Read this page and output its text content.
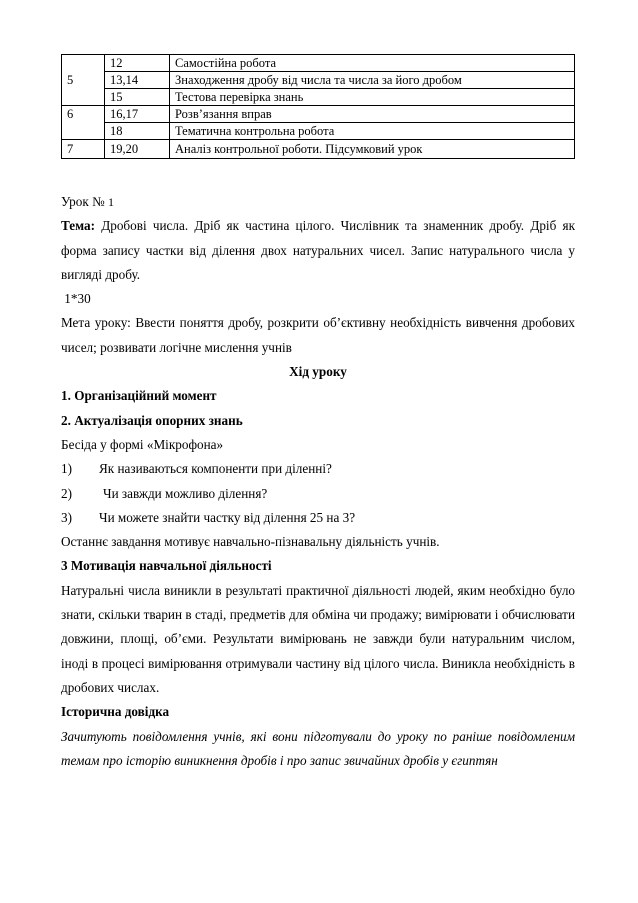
	12	Самостійна робота
5	13,14	Знаходження дробу від числа та числа за його дробом
	15	Тестова перевірка знань
6	16,17	Розв’язання вправ
	18	Тематична контрольна робота
7	19,20	Аналіз контрольної роботи. Підсумковий урок

Урок № 1

Тема: Дробові числа. Дріб як частина цілого. Числівник та знаменник дробу. Дріб як форма запису частки від ділення двох натуральних чисел. Запис натурального числа у вигляді дробу.

1*30

Мета уроку: Ввести поняття дробу, розкрити об’єктивну необхідність вивчення дробових чисел; розвивати логічне мислення учнів

Хід уроку

1. Організаційний момент

2. Актуалізація опорних знань

Бесіда у формі «Мікрофона»

1)	Як називаються компоненти при діленні?
2)	Чи завжди можливо ділення?
3)	Чи можете знайти частку від ділення 25 на 3?

Останнє завдання мотивує навчально-пізнавальну діяльність учнів.

3 Мотивація навчальної діяльності

Натуральні числа виникли в результаті практичної діяльності людей, яким необхідно було знати, скільки тварин в стаді, предметів для обміна чи продажу; вимірювати і обчислювати довжини, площі, об’єми. Результати вимірювань не завжди були натуральним числом, іноді в процесі вимірювання отримували частину від цілого числа. Виникла необхідність в дробових числах.

Історична довідка

Зачитують повідомлення учнів, які вони підготували до уроку по раніше повідомленим темам про історію виникнення дробів і про запис звичайних дробів у єгиптян
